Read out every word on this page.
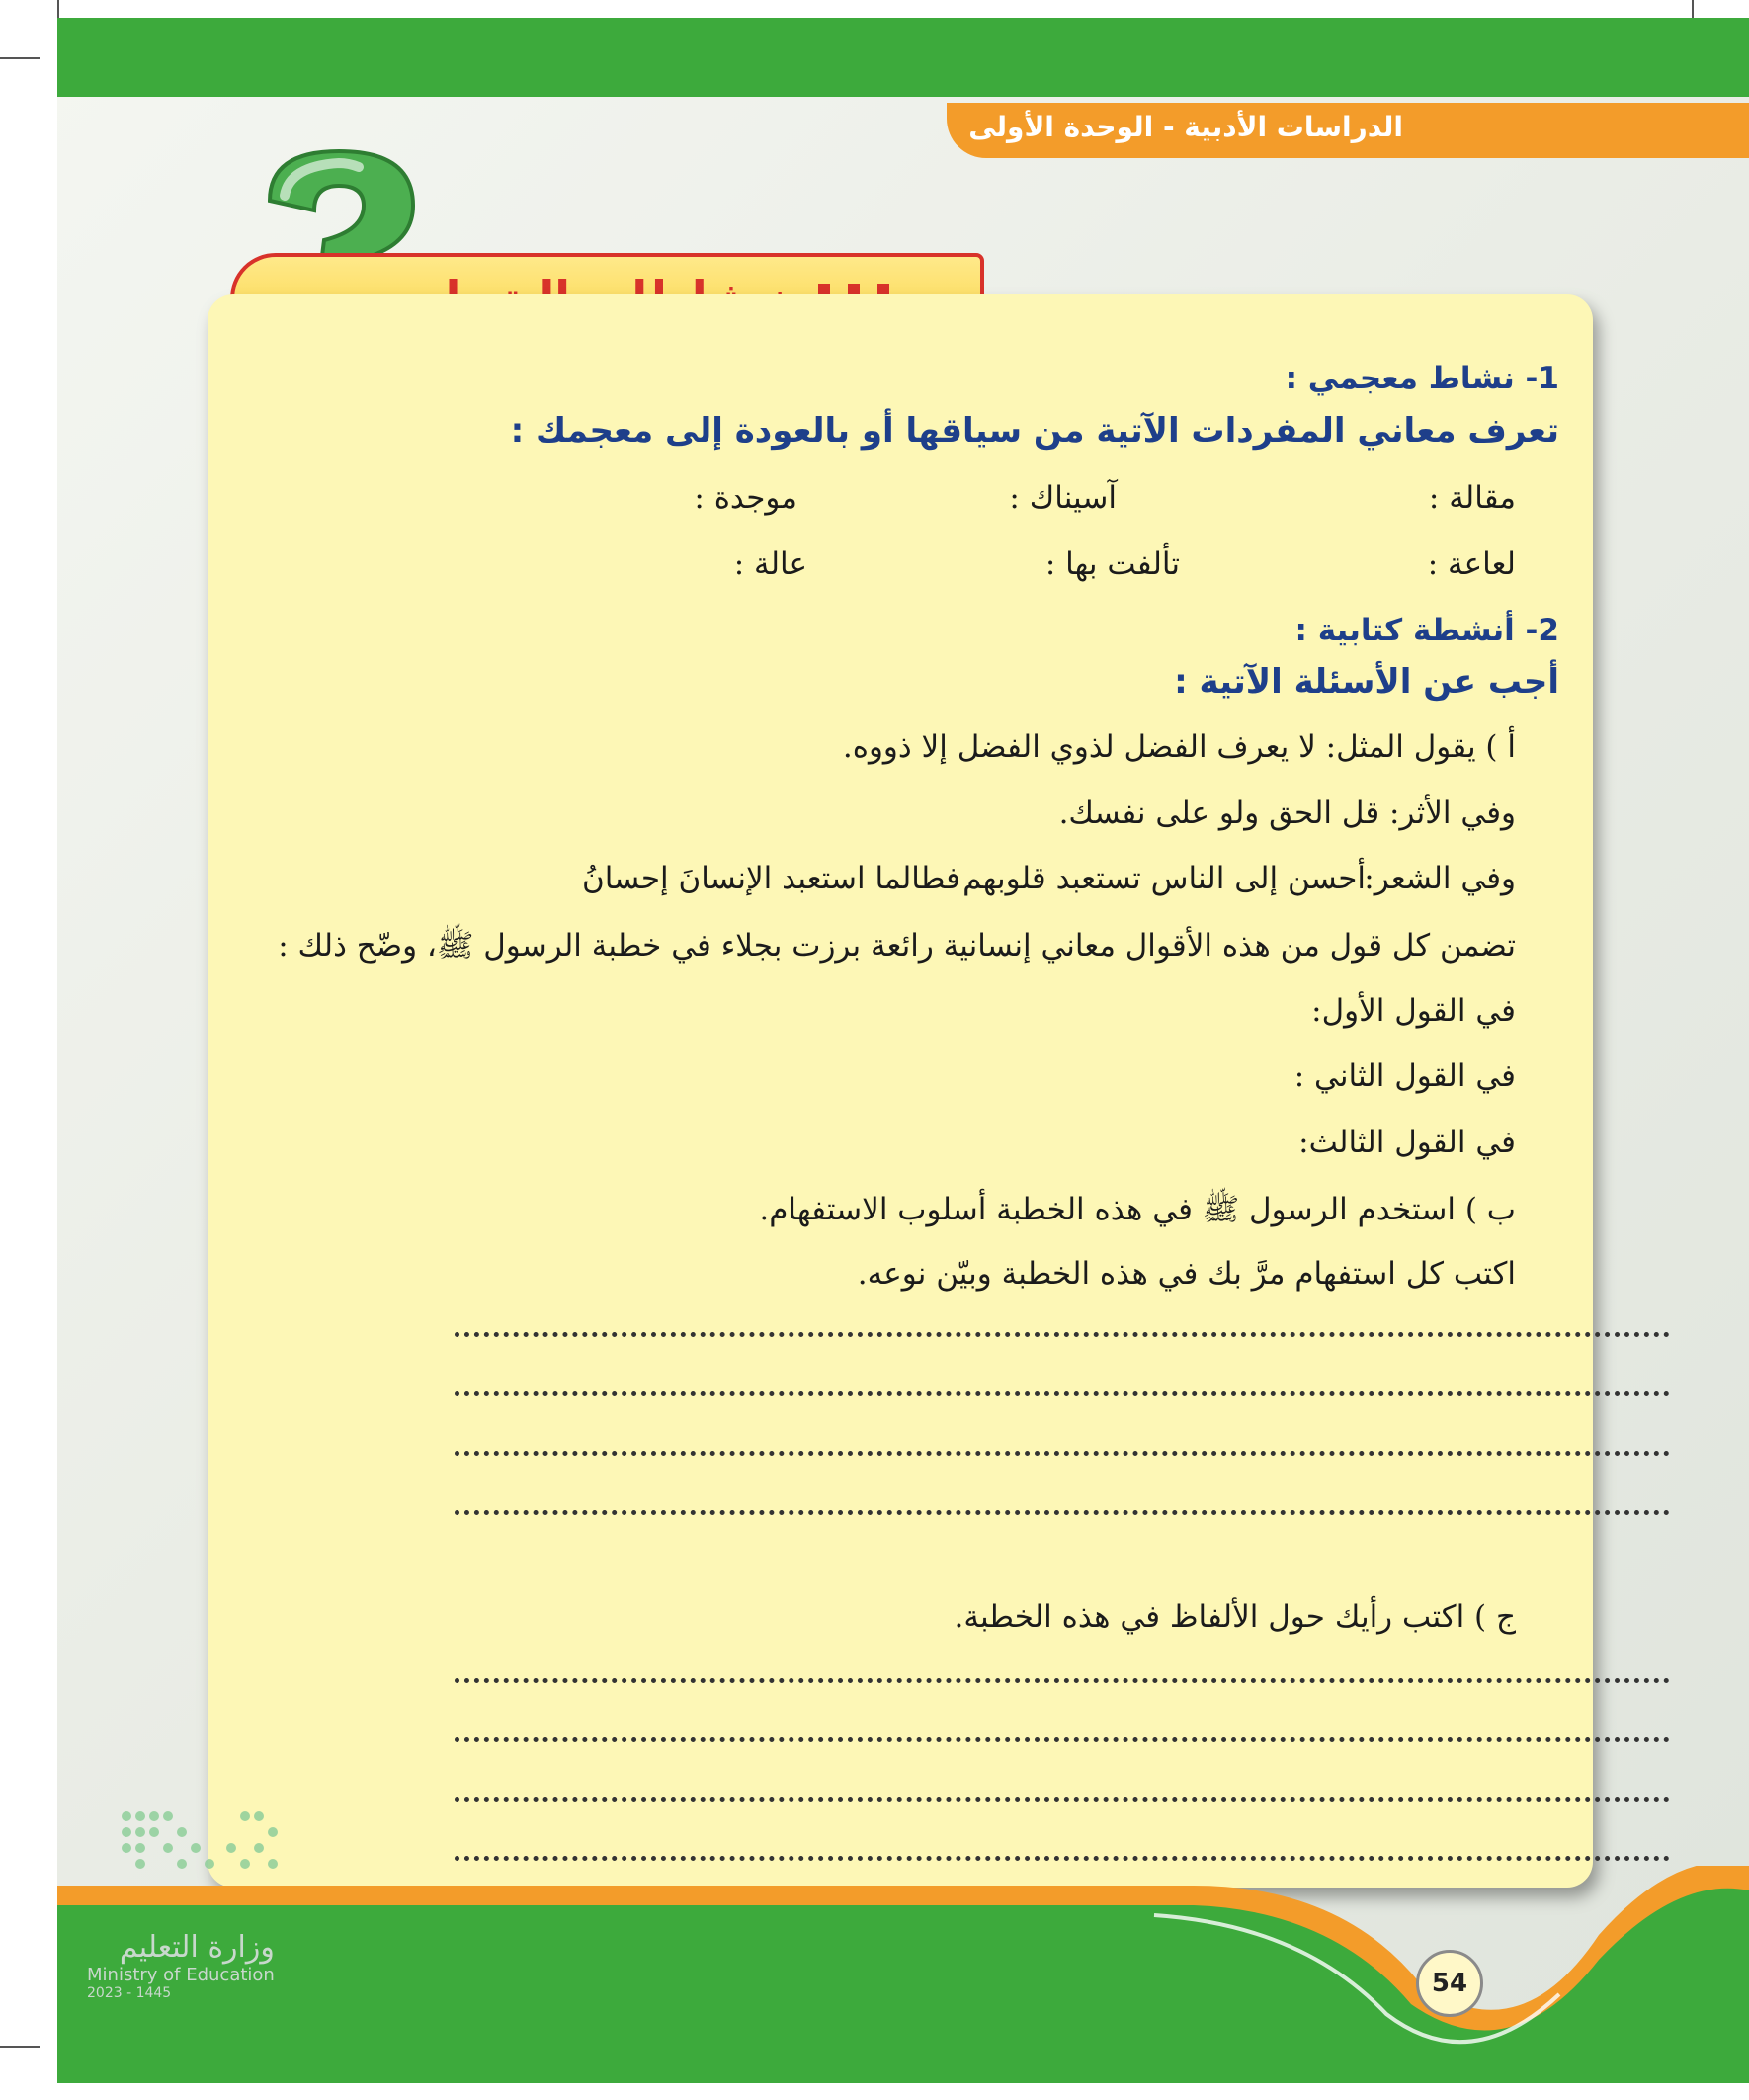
الدراسات الأدبية - الوحدة الأولى
1- نشاط معجمي :
تعرف معاني المفردات الآتية من سياقها أو بالعودة إلى معجمك :
مقالة :
آسيناك :
موجدة :
لعاعة :
تألفت بها :
عالة :
2- أنشطة كتابية :
أجب عن الأسئلة الآتية :
أ ) يقول المثل: لا يعرف الفضل لذوي الفضل إلا ذووه.
وفي الأثر: قل الحق ولو على نفسك.
وفي الشعر:
أحسن إلى الناس تستعبد قلوبهم
فطالما استعبد الإنسانَ إحسانُ
تضمن كل قول من هذه الأقوال معاني إنسانية رائعة برزت بجلاء في خطبة الرسول ﷺ، وضّح ذلك :
في القول الأول:
في القول الثاني :
في القول الثالث:
ب ) استخدم الرسول ﷺ في هذه الخطبة أسلوب الاستفهام.
اكتب كل استفهام مرَّ بك في هذه الخطبة وبيّن نوعه.
ج ) اكتب رأيك حول الألفاظ في هذه الخطبة.
54
وزارة التعليم
Ministry of Education
2023 - 1445
